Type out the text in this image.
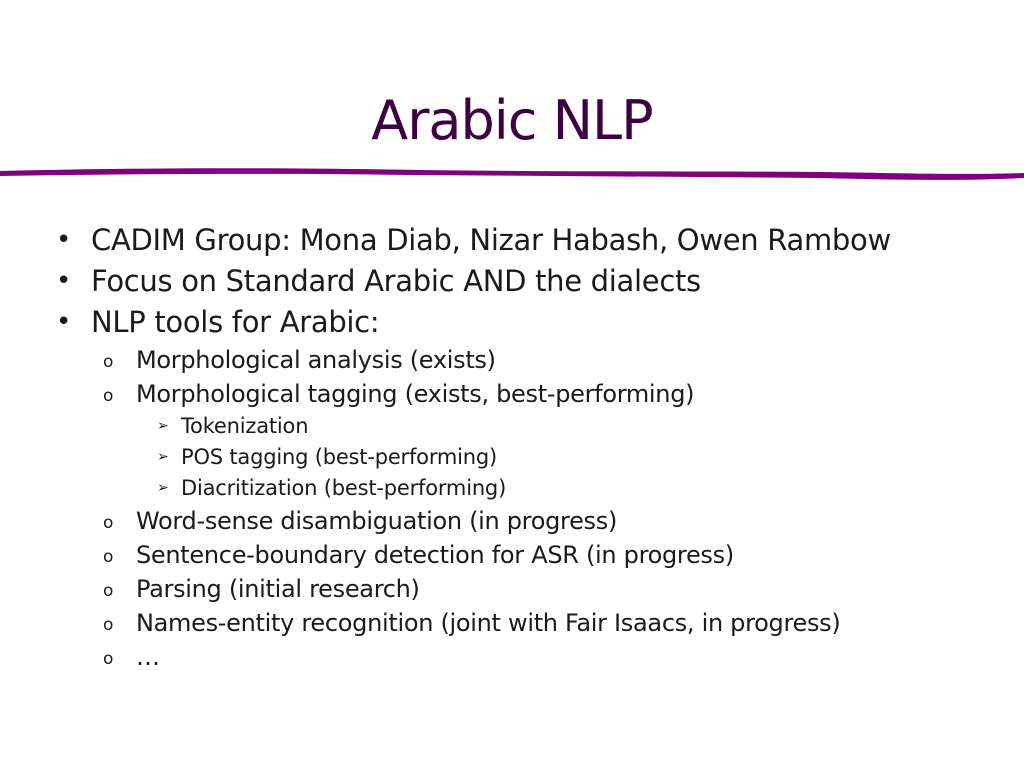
Arabic NLP
• CADIM Group: Mona Diab, Nizar Habash, Owen Rambow
• Focus on Standard Arabic AND the dialects
• NLP tools for Arabic:
o Morphological analysis (exists)
o Morphological tagging (exists, best-performing)
➢ Tokenization
➢ POS tagging (best-performing)
➢ Diacritization (best-performing)
o Word-sense disambiguation (in progress)
o Sentence-boundary detection for ASR (in progress)
o Parsing (initial research)
o Names-entity recognition (joint with Fair Isaacs, in progress)
o …
